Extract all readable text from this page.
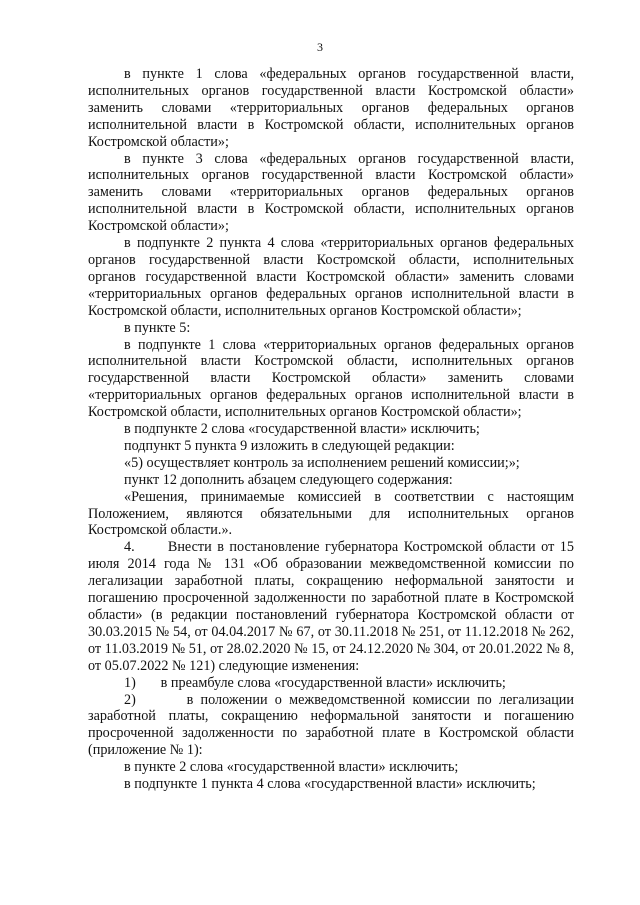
3

в пункте 1 слова «федеральных органов государственной власти, исполнительных органов государственной власти Костромской области» заменить словами «территориальных органов федеральных органов исполнительной власти в Костромской области, исполнительных органов Костромской области»;

в пункте 3 слова «федеральных органов государственной власти, исполнительных органов государственной власти Костромской области» заменить словами «территориальных органов федеральных органов исполнительной власти в Костромской области, исполнительных органов Костромской области»;

в подпункте 2 пункта 4 слова «территориальных органов федеральных органов государственной власти Костромской области, исполнительных органов государственной власти Костромской области» заменить словами «территориальных органов федеральных органов исполнительной власти в Костромской области, исполнительных органов Костромской области»;

в пункте 5:

в подпункте 1 слова «территориальных органов федеральных органов исполнительной власти Костромской области, исполнительных органов государственной власти Костромской области» заменить словами «территориальных органов федеральных органов исполнительной власти в Костромской области, исполнительных органов Костромской области»;

в подпункте 2 слова «государственной власти» исключить;

подпункт 5 пункта 9 изложить в следующей редакции:

«5) осуществляет контроль за исполнением решений комиссии;»;

пункт 12 дополнить абзацем следующего содержания:

«Решения, принимаемые комиссией в соответствии с настоящим Положением, являются обязательными для исполнительных органов Костромской области.».

4.      Внести в постановление губернатора Костромской области от 15 июля 2014 года № 131 «Об образовании межведомственной комиссии по легализации заработной платы, сокращению неформальной занятости и погашению просроченной задолженности по заработной плате в Костромской области» (в редакции постановлений губернатора Костромской области от 30.03.2015 № 54, от 04.04.2017 № 67, от 30.11.2018 № 251, от 11.12.2018 № 262, от 11.03.2019 № 51, от 28.02.2020 № 15, от 24.12.2020 № 304, от 20.01.2022 № 8, от 05.07.2022 № 121) следующие изменения:

1)       в преамбуле слова «государственной власти» исключить;

2)       в положении о межведомственной комиссии по легализации заработной платы, сокращению неформальной занятости и погашению просроченной задолженности по заработной плате в Костромской области (приложение № 1):

в пункте 2 слова «государственной власти» исключить;

в подпункте 1 пункта 4 слова «государственной власти» исключить;
